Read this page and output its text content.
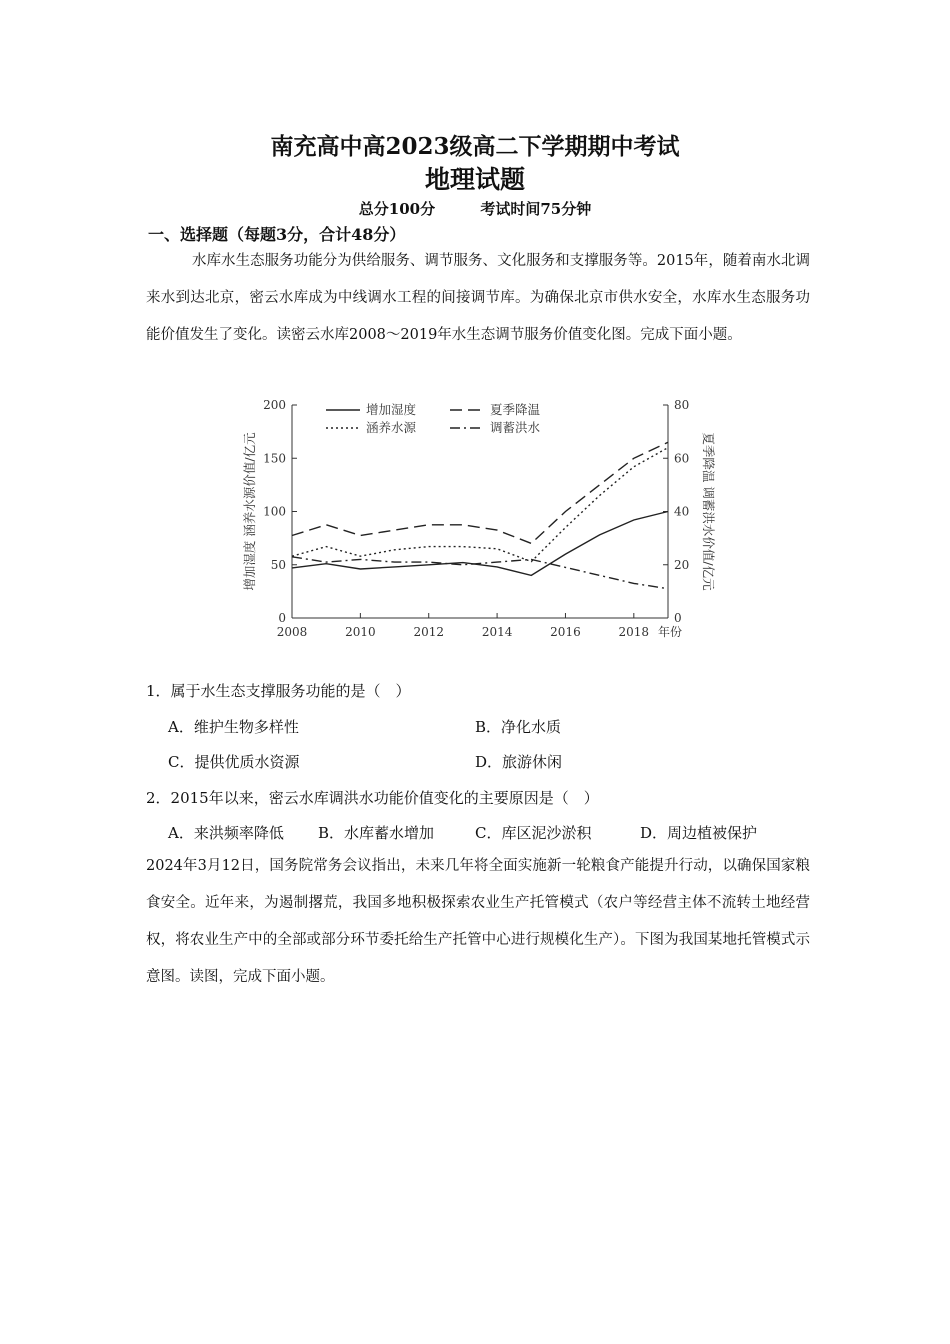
南充高中高2023级高二下学期期中考试
地理试题
总分100分	考试时间75分钟
一、选择题（每题3分，合计48分）
水库水生态服务功能分为供给服务、调节服务、文化服务和支撑服务等。2015年，随着南水北调来水到达北京，密云水库成为中线调水工程的间接调节库。为确保北京市供水安全，水库水生态服务功能价值发生了变化。读密云水库2008～2019年水生态调节服务价值变化图。完成下面小题。
0
50
100
150
200
0
20
40
60
80
2008	2010	2012	2014	2016	2018 年份
增加湿度 涵养水源价值/亿元	夏季降温 调蓄洪水价值/亿元
增加湿度	夏季降温
涵养水源	调蓄洪水
1．属于水生态支撑服务功能的是（　）
A．维护生物多样性	B．净化水质
C．提供优质水资源	D．旅游休闲
2．2015年以来，密云水库调洪水功能价值变化的主要原因是（　）
A．来洪频率降低 B．水库蓄水增加	C．库区泥沙淤积	D．周边植被保护
2024年3月12日，国务院常务会议指出，未来几年将全面实施新一轮粮食产能提升行动，以确保国家粮食安全。近年来，为遏制撂荒，我国多地积极探索农业生产托管模式（农户等经营主体不流转土地经营权，将农业生产中的全部或部分环节委托给生产托管中心进行规模化生产）。下图为我国某地托管模式示意图。读图，完成下面小题。
